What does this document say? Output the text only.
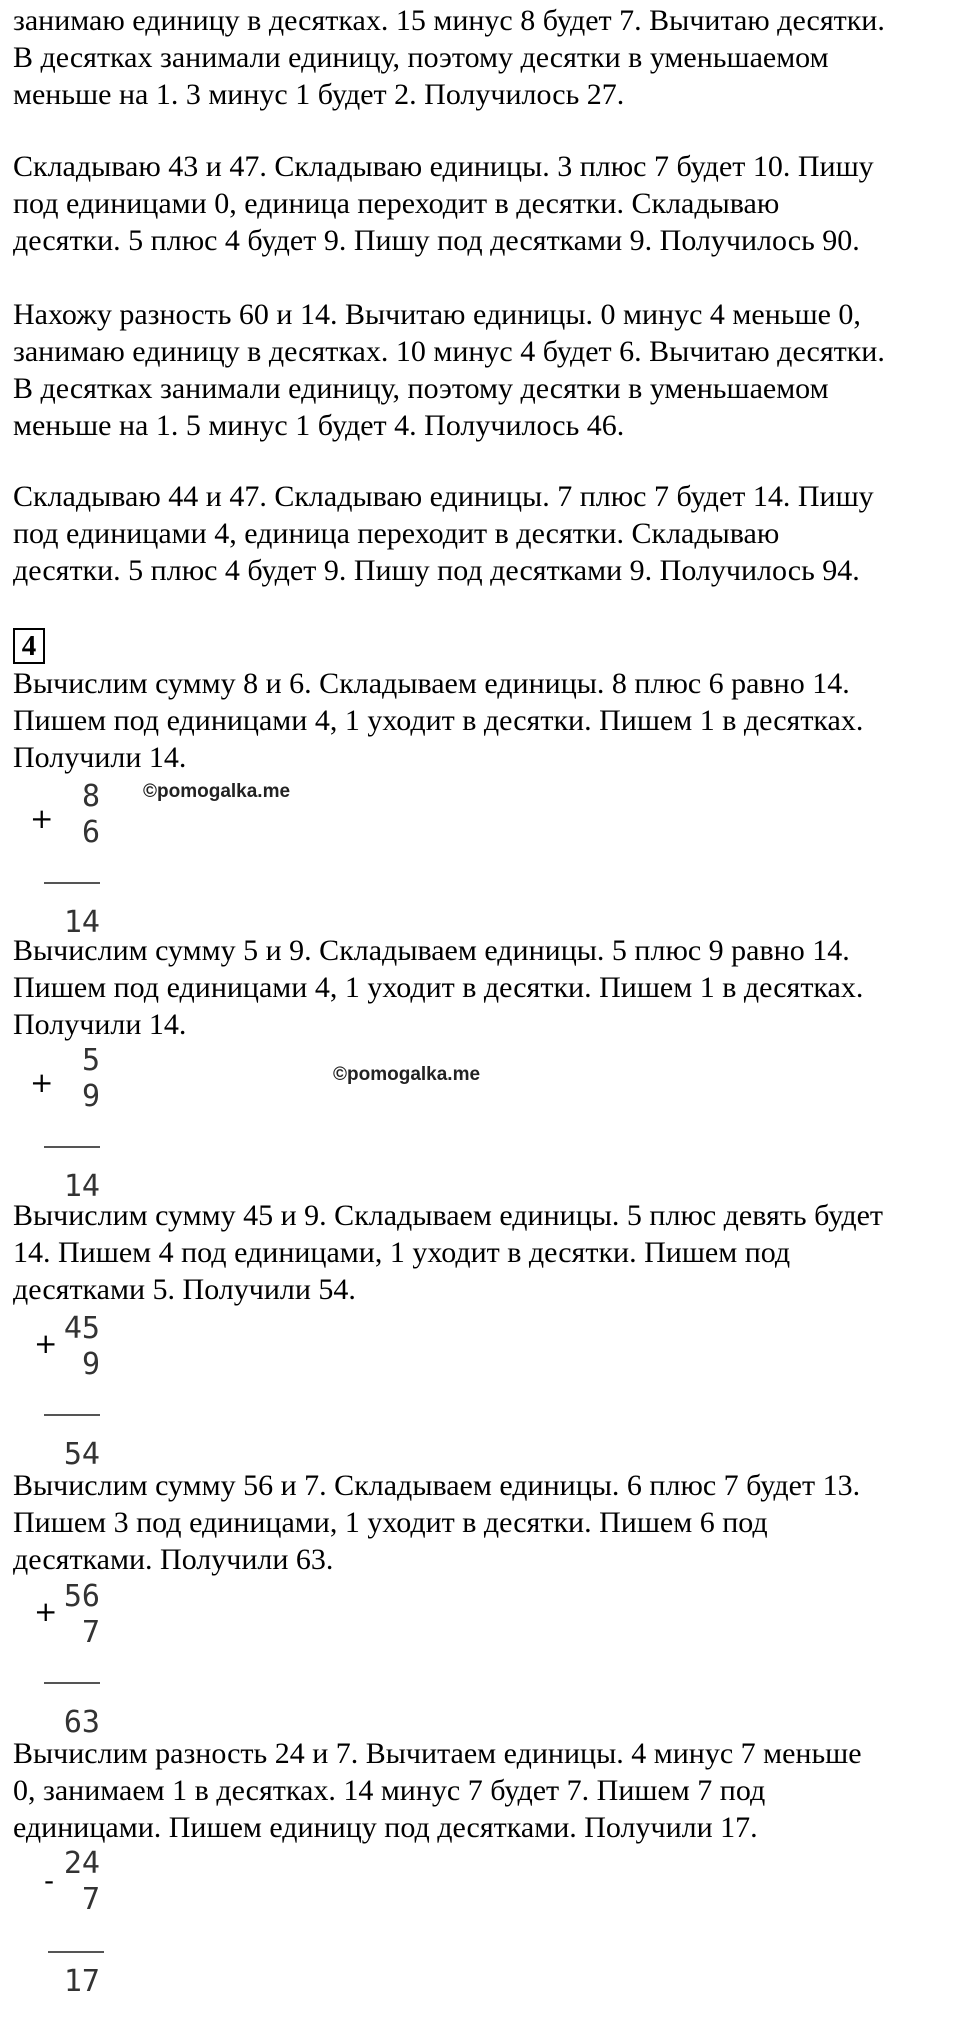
занимаю единицу в десятках. 15 минус 8 будет 7. Вычитаю десятки.
В десятках занимали единицу, поэтому десятки в уменьшаемом
меньше на 1. 3 минус 1 будет 2. Получилось 27.

Складываю 43 и 47. Складываю единицы. 3 плюс 7 будет 10. Пишу
под единицами 0, единица переходит в десятки. Складываю
десятки. 5 плюс 4 будет 9. Пишу под десятками 9. Получилось 90.

Нахожу разность 60 и 14. Вычитаю единицы. 0 минус 4 меньше 0,
занимаю единицу в десятках. 10 минус 4 будет 6. Вычитаю десятки.
В десятках занимали единицу, поэтому десятки в уменьшаемом
меньше на 1. 5 минус 1 будет 4. Получилось 46.

Складываю 44 и 47. Складываю единицы. 7 плюс 7 будет 14. Пишу
под единицами 4, единица переходит в десятки. Складываю
десятки. 5 плюс 4 будет 9. Пишу под десятками 9. Получилось 94.

4

Вычислим сумму 8 и 6. Складываем единицы. 8 плюс 6 равно 14.
Пишем под единицами 4, 1 уходит в десятки. Пишем 1 в десятках.
Получили 14.

8
+ 6
14
©pomogalka.me

Вычислим сумму 5 и 9. Складываем единицы. 5 плюс 9 равно 14.
Пишем под единицами 4, 1 уходит в десятки. Пишем 1 в десятках.
Получили 14.

5
+ 9
14
©pomogalka.me

Вычислим сумму 45 и 9. Складываем единицы. 5 плюс девять будет
14. Пишем 4 под единицами, 1 уходит в десятки. Пишем под
десятками 5. Получили 54.

45
+
9
54

Вычислим сумму 56 и 7. Складываем единицы. 6 плюс 7 будет 13.
Пишем 3 под единицами, 1 уходит в десятки. Пишем 6 под
десятками. Получили 63.

56
+
7
63

Вычислим разность 24 и 7. Вычитаем единицы. 4 минус 7 меньше
0, занимаем 1 в десятках. 14 минус 7 будет 7. Пишем 7 под
единицами. Пишем единицу под десятками. Получили 17.

24
-
7
17
